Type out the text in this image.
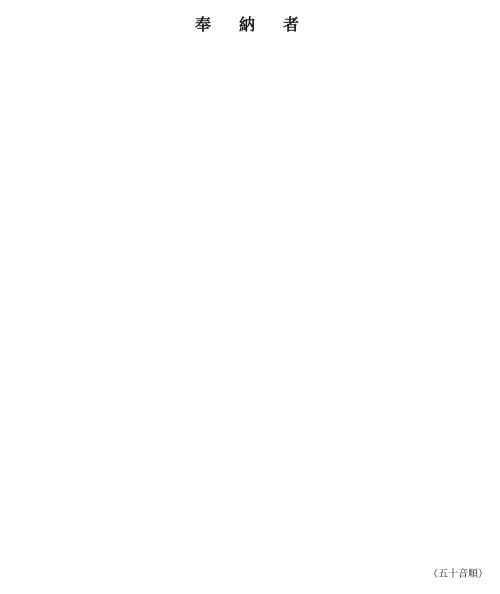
奉　納　者
（五十音順）
